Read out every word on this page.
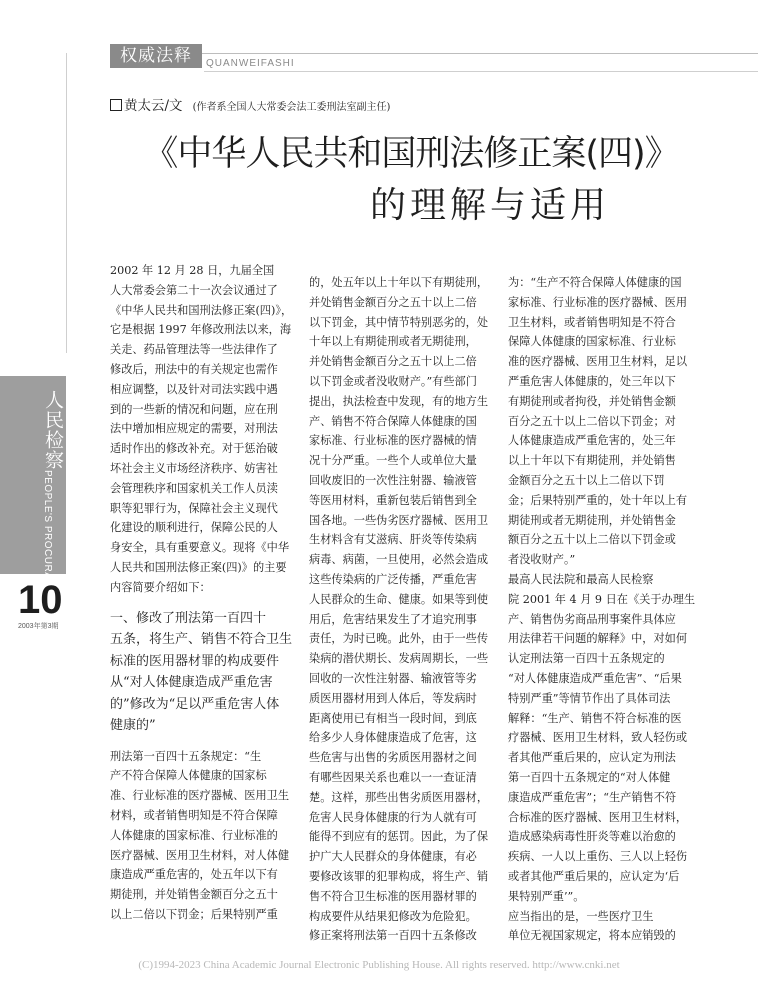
权威法释	QUANWEIFASHI
黄太云/文 (作者系全国人大常委会法工委刑法室副主任)
《中华人民共和国刑法修正案(四)》
的理解与适用
人民检察
PEOPLE'S PROCURATORIAL MONTHLY
10
2003年第3期
2002 年 12 月 28 日，九届全国
人大常委会第二十一次会议通过了
《中华人民共和国刑法修正案(四)》，
它是根据 1997 年修改刑法以来，海
关走、药品管理法等一些法律作了
修改后，刑法中的有关规定也需作
相应调整，以及针对司法实践中遇
到的一些新的情况和问题，应在刑
法中增加相应规定的需要，对刑法
适时作出的修改补充。对于惩治破
坏社会主义市场经济秩序、妨害社
会管理秩序和国家机关工作人员渎
职等犯罪行为，保障社会主义现代
化建设的顺利进行，保障公民的人
身安全，具有重要意义。现将《中华
人民共和国刑法修正案(四)》的主要
内容简要介绍如下：
一、修改了刑法第一百四十
五条，将生产、销售不符合卫生
标准的医用器材罪的构成要件
从“对人体健康造成严重危害
的”修改为“足以严重危害人体
健康的”
刑法第一百四十五条规定：“生
产不符合保障人体健康的国家标
准、行业标准的医疗器械、医用卫生
材料，或者销售明知是不符合保障
人体健康的国家标准、行业标准的
医疗器械、医用卫生材料，对人体健
康造成严重危害的，处五年以下有
期徒刑，并处销售金额百分之五十
以上二倍以下罚金；后果特别严重
的，处五年以上十年以下有期徒刑，
并处销售金额百分之五十以上二倍
以下罚金，其中情节特别恶劣的，处
十年以上有期徒刑或者无期徒刑，
并处销售金额百分之五十以上二倍
以下罚金或者没收财产。”有些部门
提出，执法检查中发现，有的地方生
产、销售不符合保障人体健康的国
家标准、行业标准的医疗器械的情
况十分严重。一些个人或单位大量
回收废旧的一次性注射器、输液管
等医用材料，重新包装后销售到全
国各地。一些伪劣医疗器械、医用卫
生材料含有艾滋病、肝炎等传染病
病毒、病菌，一旦使用，必然会造成
这些传染病的广泛传播，严重危害
人民群众的生命、健康。如果等到使
用后，危害结果发生了才追究刑事
责任，为时已晚。此外，由于一些传
染病的潜伏期长、发病周期长，一些
回收的一次性注射器、输液管等劣
质医用器材用到人体后，等发病时
距离使用已有相当一段时间，到底
给多少人身体健康造成了危害，这
些危害与出售的劣质医用器材之间
有哪些因果关系也难以一一查证清
楚。这样，那些出售劣质医用器材，
危害人民身体健康的行为人就有可
能得不到应有的惩罚。因此，为了保
护广大人民群众的身体健康，有必
要修改该罪的犯罪构成，将生产、销
售不符合卫生标准的医用器材罪的
构成要件从结果犯修改为危险犯。
修正案将刑法第一百四十五条修改
为：“生产不符合保障人体健康的国
家标准、行业标准的医疗器械、医用
卫生材料，或者销售明知是不符合
保障人体健康的国家标准、行业标
准的医疗器械、医用卫生材料，足以
严重危害人体健康的，处三年以下
有期徒刑或者拘役，并处销售金额
百分之五十以上二倍以下罚金；对
人体健康造成严重危害的，处三年
以上十年以下有期徒刑，并处销售
金额百分之五十以上二倍以下罚
金；后果特别严重的，处十年以上有
期徒刑或者无期徒刑，并处销售金
额百分之五十以上二倍以下罚金或
者没收财产。”
最高人民法院和最高人民检察
院 2001 年 4 月 9 日在《关于办理生
产、销售伪劣商品刑事案件具体应
用法律若干问题的解释》中，对如何
认定刑法第一百四十五条规定的
“对人体健康造成严重危害”、“后果
特别严重”等情节作出了具体司法
解释：“生产、销售不符合标准的医
疗器械、医用卫生材料，致人轻伤或
者其他严重后果的，应认定为刑法
第一百四十五条规定的“对人体健
康造成严重危害”；“生产销售不符
合标准的医疗器械、医用卫生材料，
造成感染病毒性肝炎等难以治愈的
疾病、一人以上重伤、三人以上轻伤
或者其他严重后果的，应认定为‘后
果特别严重’”。
应当指出的是，一些医疗卫生
单位无视国家规定，将本应销毁的
(C)1994-2023 China Academic Journal Electronic Publishing House. All rights reserved. http://www.cnki.net
